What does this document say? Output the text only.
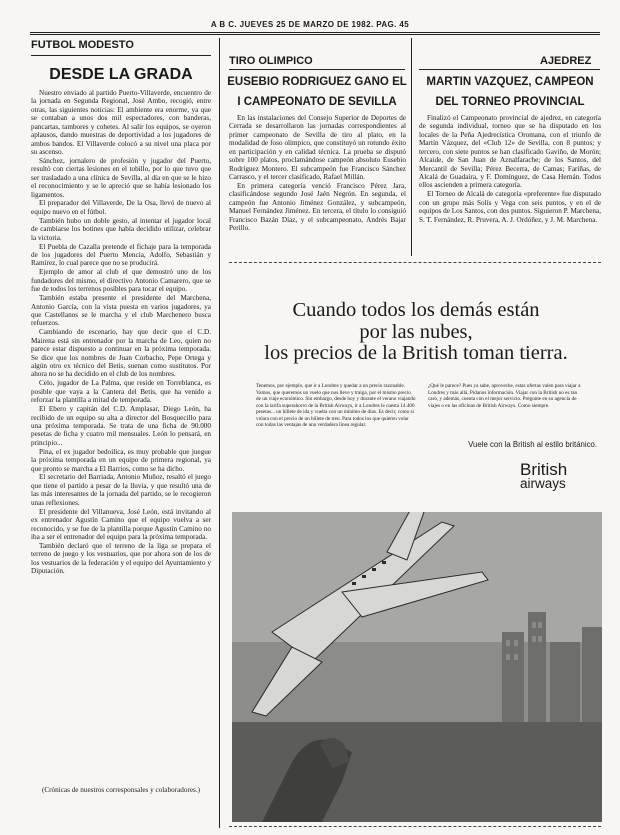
A B C. JUEVES 25 DE MARZO DE 1982. PAG. 45
FUTBOL MODESTO
DESDE LA GRADA

Nuestro enviado al partido Puerto-Villaverde, encuentro de la jornada en Segunda Regional, José Ambo, recogió, entre otras, las siguientes noticias: El ambiente era enorme, ya que se contaban a unos dos mil espectadores, con banderas, pancartas, tambores y cohetes. Al salir los equipos, se oyeron aplausos, dando muestras de deportividad a los jugadores de ambos bandos. El Villaverde colocó a su nivel una placa por su ascenso.

Sánchez, jornalero de profesión y jugador del Puerto, resultó con ciertas lesiones en el tobillo, por lo que tuvo que ser trasladado a una clínica de Sevilla, al día en que se le hizo el reconocimiento y se le apreció que se había lesionado los ligamentos.

El preparador del Villaverde, De la Osa, llevó de nuevo al equipo nuevo en el fútbol.

También hubo un doble gesto, al intentar el jugador local de cambiarse los botines que había decidido utilizar, celebrar la victoria.

El Puebla de Cazalla pretende el fichaje para la temporada de los jugadores del Puerto Mencia, Adolfo, Sebastián y Ramírez, lo cual parece que no se producirá.

Ejemplo de amor al club el que demostró uno de los fundadores del mismo, el directivo Antonio Camarero, que se fue de todos los terrenos posibles para tocar el equipo.

También estaba presente el presidente del Marchena, Antonio García, con la vista puesta en varios jugadores, ya que Castellanos se le marcha y el club Marchenero busca refuerzos.

Cambiando de escenario, hay que decir que el C.D. Mairena está sin entrenador por la marcha de Leo, quien no parece estar dispuesto a continuar en la próxima temporada. Se dice que los nombres de Juan Corbacho, Pepe Ortega y algún otro ex técnico del Betis, suenan como sustitutos. Por ahora no se ha decidido en el club de los nombres.

Celo, jugador de La Palma, que reside en Torreblanca, es posible que vaya a la Cantera del Betis, que ha venido a reforzar la plantilla a mitad de temporada.

El Ebero y capitán del C.D. Amplasar, Diego León, ha recibido de un equipo su alta a director del Bosquecillo para una próxima temporada. Se trata de una ficha de 90.000 pesetas de ficha y cuatro mil mensuales. León lo pensará, en principio...

Pina, el ex jugador bedoilica, es muy probable que juegue la próxima temporada en un equipo de primera regional, ya que pronto se marcha a El Barrios, como se ha dicho.

El secretario del Barriada, Antonio Muñoz, resaltó el juego que tiene el partido a pesar de la lluvia, y que resultó una de las más interesantes de la jornada del partido, se le recogieron unas reflexiones.

El presidente del Villanueva, José León, está invitando al ex entrenador Agustín Camino que el equipo vuelva a ser reconocido, y se fue de la plantilla porque Agustín Camino no iba a ser el entrenador del equipo para la próxima temporada.

También declaró que el terreno de la liga se prepara el terreno de juego y los vestuarios, que por ahora son de los de los vestuarios de la federación y el equipo del Ayuntamiento y Diputación.

(Crónicas de nuestros corresponsales y colaboradores.)
TIRO OLIMPICO
EUSEBIO RODRIGUEZ GANO EL I CAMPEONATO DE SEVILLA

En las instalaciones del Consejo Superior de Deportes de Cerrada se desarrollaron las jornadas correspondientes al primer campeonato de Sevilla de tiro al plato, en la modalidad de foso olímpico, que constituyó un rotundo éxito en participación y en calidad técnica. La prueba se disputó sobre 100 platos, proclamándose campeón absoluto Eusebio Rodríguez Montero. El subcampeón fue Francisco Sánchez Carrasco, y el tercer clasificado, Rafael Millán.

En primera categoría venció Francisco Pérez Jara, clasificándose segundo José Jaén Negrón. En segunda, el campeón fue Antonio Jiménez González, y subcampeón, Manuel Fernández Jiménez. En tercera, el título lo consiguió Francisco Bazán Díaz, y el subcampeonato, Andrés Bajar Perillo.

AJEDREZ
MARTIN VAZQUEZ, CAMPEON DEL TORNEO PROVINCIAL

Finalizó el Campeonato provincial de ajedrez, en categoría de segunda individual, torneo que se ha disputado en los locales de la Peña Ajedrecística Oromana, con el triunfo de Martín Vázquez, del «Club 12» de Sevilla, con 8 puntos; y tercero, con siete puntos se han clasificado Gaviño, de Morón; Alcaide, de San Juan de Aznalfarache; de los Santos, del Mercantil de Sevilla; Pérez Becerra, de Camas; Fariñas, de Alcalá de Guadaira, y F. Domínguez, de Casa Hernán. Todos ellos ascienden a primera categoría.

El Torneo de Alcalá de categoría «preferente» fue disputado con un grupo más Solís y Vega con seis puntos, y en el de equipos de Los Santos, con dos puntos. Siguieron P. Marchena, S. T. Fernández, R. Pruvera, A. J. Ordóñez, y J. M. Marchena.

Cuando todos los demás están
por las nubes,
los precios de la British toman tierra.

Tenemos, por ejemplo, que ir a Londres y quedar a un precio razonable. Vamos, que queremos un vuelo que nos lleve y traiga, por el mismo precio de un viaje económico. Sin embargo, desde hoy y durante el verano viajando con la tarifa superahorro de la British Airways, ir a Londres le cuesta 14.400 pesetas... un billete de ida y vuelta con un mínimo de días. Es decir, como si volara con el precio de un billete de tren. Para todos los que quieren volar con todas las ventajas de una verdadera línea regular.

¿Qué le parece? Pues ya sabe, aproveche, estas ofertas valen para viajar a Londres y más allá. Pídanos información. Viajar con la British no es tan caro, y además, cuenta con el mejor servicio. Pregunte en su agencia de viajes o en las oficinas de British Airways. Como siempre.

Vuele con la British al estilo británico.
British
airways
